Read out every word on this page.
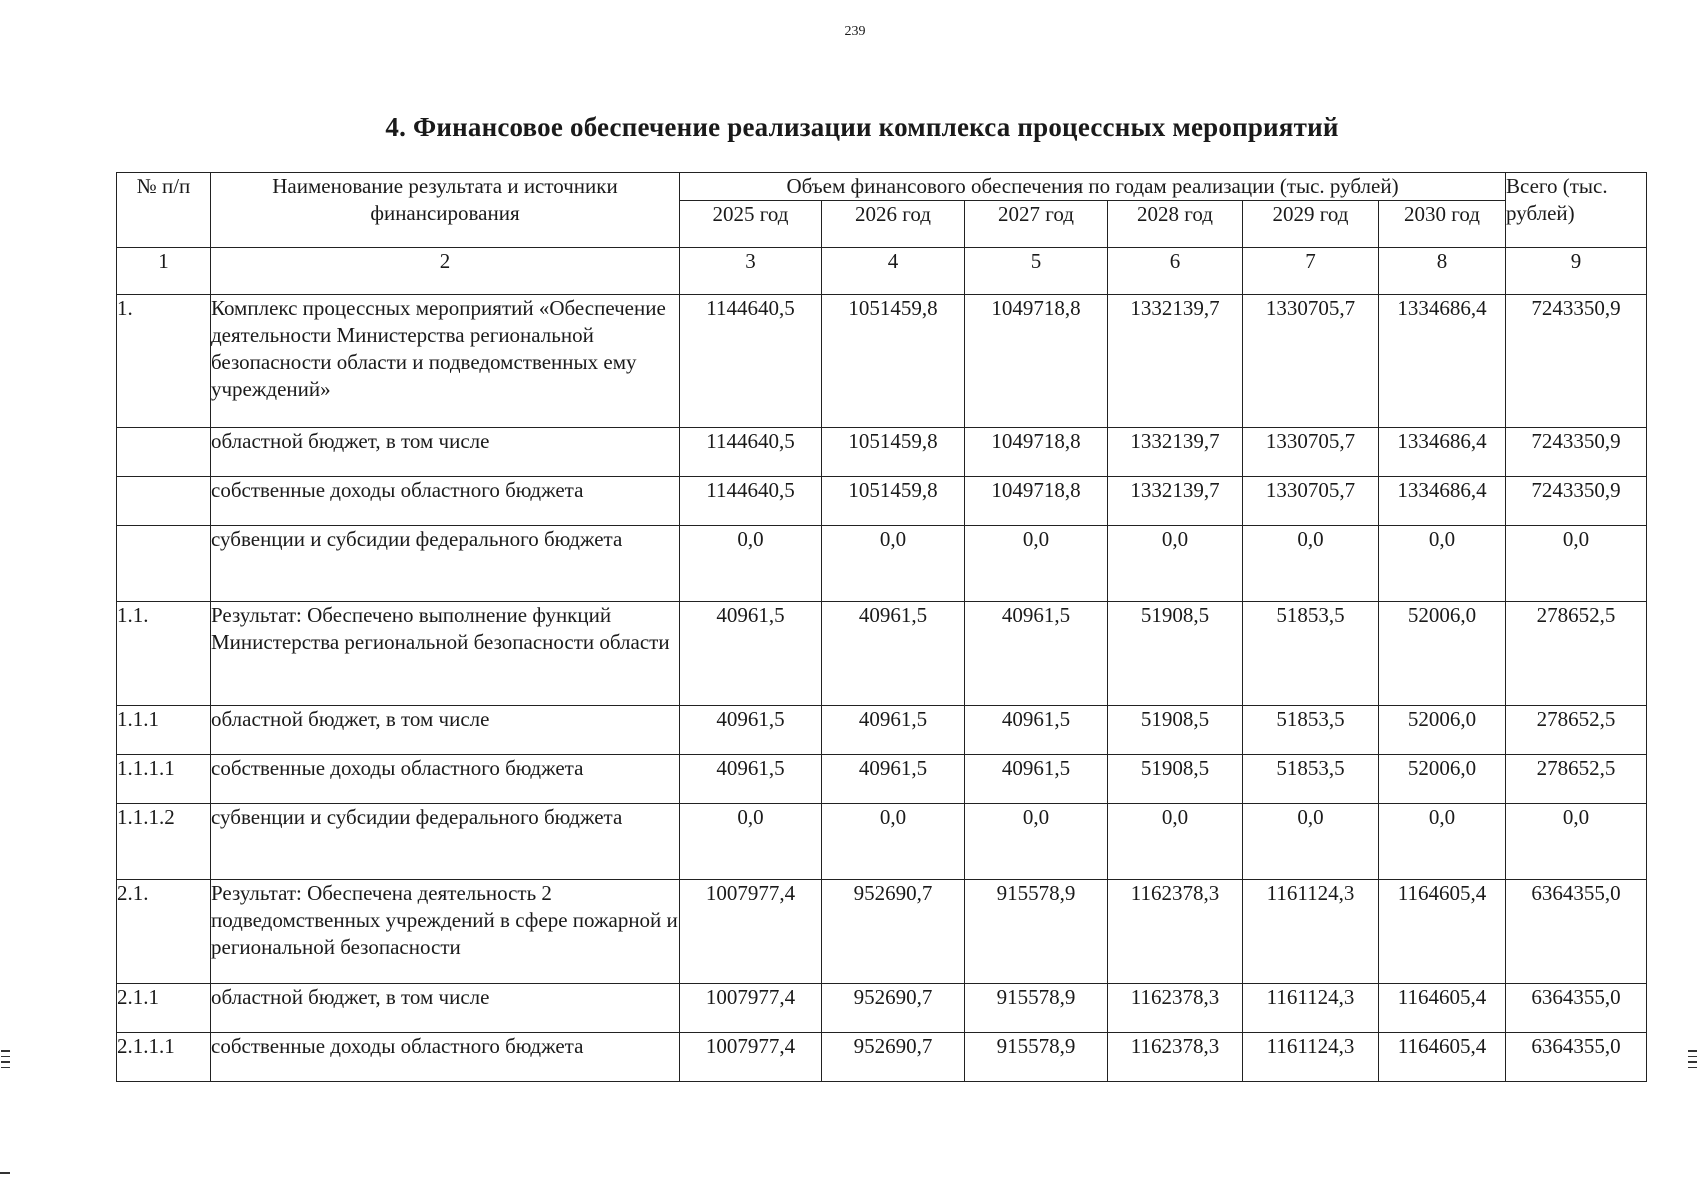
239
4. Финансовое обеспечение реализации комплекса процессных мероприятий
№ п/п	Наименование результата и источники финансирования	Объем финансового обеспечения по годам реализации (тыс. рублей)						Всего (тыс. рублей)
		2025 год	2026 год	2027 год	2028 год	2029 год	2030 год	
1	2	3	4	5	6	7	8	9
1.	Комплекс процессных мероприятий «Обеспечение деятельности Министерства региональной безопасности области и подведомственных ему учреждений»	1144640,5	1051459,8	1049718,8	1332139,7	1330705,7	1334686,4	7243350,9
	областной бюджет, в том числе	1144640,5	1051459,8	1049718,8	1332139,7	1330705,7	1334686,4	7243350,9
	собственные доходы областного бюджета	1144640,5	1051459,8	1049718,8	1332139,7	1330705,7	1334686,4	7243350,9
	субвенции и субсидии федерального бюджета	0,0	0,0	0,0	0,0	0,0	0,0	0,0
1.1.	Результат: Обеспечено выполнение функций Министерства региональной безопасности области	40961,5	40961,5	40961,5	51908,5	51853,5	52006,0	278652,5
1.1.1	областной бюджет, в том числе	40961,5	40961,5	40961,5	51908,5	51853,5	52006,0	278652,5
1.1.1.1	собственные доходы областного бюджета	40961,5	40961,5	40961,5	51908,5	51853,5	52006,0	278652,5
1.1.1.2	субвенции и субсидии федерального бюджета	0,0	0,0	0,0	0,0	0,0	0,0	0,0
2.1.	Результат: Обеспечена деятельность 2 подведомственных учреждений в сфере пожарной и региональной безопасности	1007977,4	952690,7	915578,9	1162378,3	1161124,3	1164605,4	6364355,0
2.1.1	областной бюджет, в том числе	1007977,4	952690,7	915578,9	1162378,3	1161124,3	1164605,4	6364355,0
2.1.1.1	собственные доходы областного бюджета	1007977,4	952690,7	915578,9	1162378,3	1161124,3	1164605,4	6364355,0
